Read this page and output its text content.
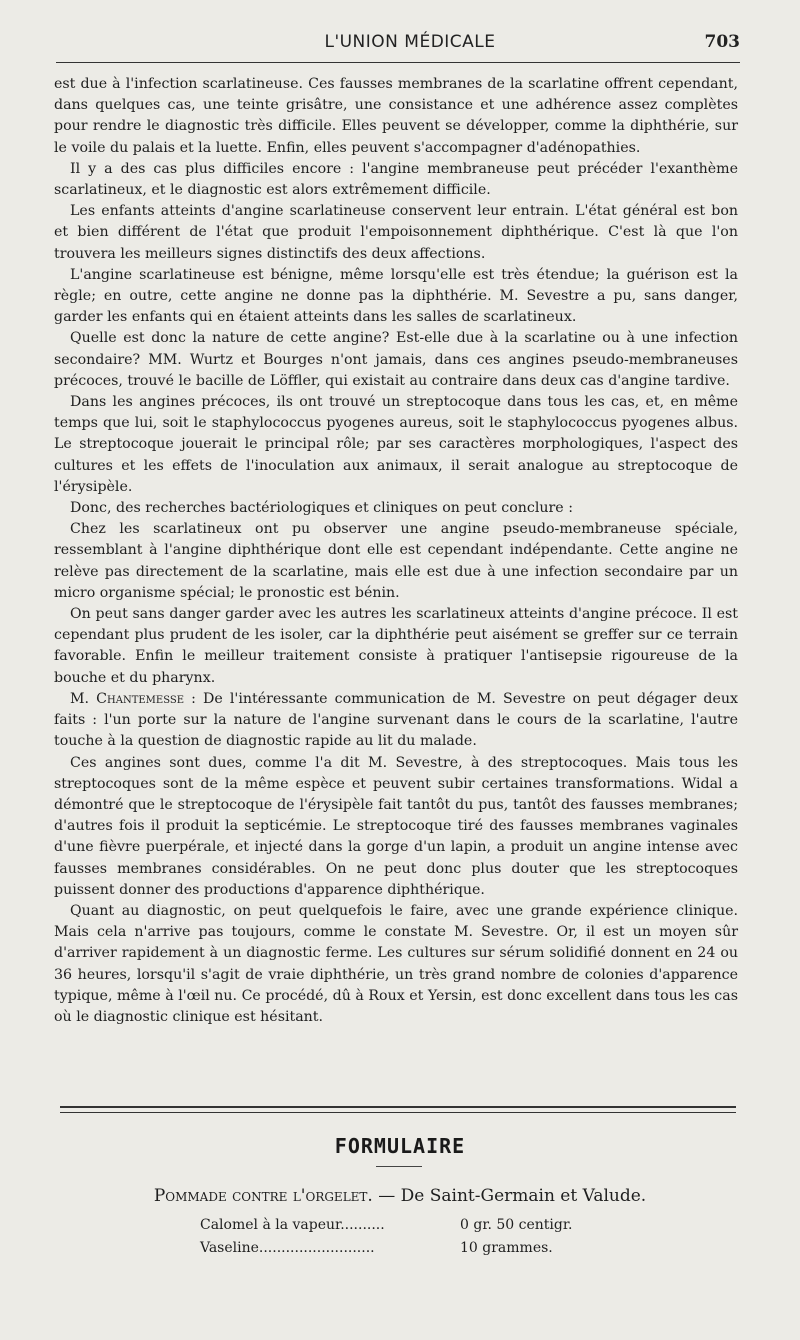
L'UNION MÉDICALE	703

est due à l'infection scarlatineuse. Ces fausses membranes de la scarlatine offrent cependant, dans quelques cas, une teinte grisâtre, une consistance et une adhérence assez complètes pour rendre le diagnostic très difficile. Elles peuvent se développer, comme la diphthérie, sur le voile du palais et la luette. Enfin, elles peuvent s'accompagner d'adénopathies.

Il y a des cas plus difficiles encore : l'angine membraneuse peut précéder l'exanthème scarlatineux, et le diagnostic est alors extrêmement difficile.

Les enfants atteints d'angine scarlatineuse conservent leur entrain. L'état général est bon et bien différent de l'état que produit l'empoisonnement diphthérique. C'est là que l'on trouvera les meilleurs signes distinctifs des deux affections.

L'angine scarlatineuse est bénigne, même lorsqu'elle est très étendue; la guérison est la règle; en outre, cette angine ne donne pas la diphthérie. M. Sevestre a pu, sans danger, garder les enfants qui en étaient atteints dans les salles de scarlatineux.

Quelle est donc la nature de cette angine? Est-elle due à la scarlatine ou à une infection secondaire? MM. Wurtz et Bourges n'ont jamais, dans ces angines pseudo-membraneuses précoces, trouvé le bacille de Löffler, qui existait au contraire dans deux cas d'angine tardive.

Dans les angines précoces, ils ont trouvé un streptocoque dans tous les cas, et, en même temps que lui, soit le staphylococcus pyogenes aureus, soit le staphylococcus pyogenes albus. Le streptocoque jouerait le principal rôle; par ses caractères morphologiques, l'aspect des cultures et les effets de l'inoculation aux animaux, il serait analogue au streptocoque de l'érysipèle.

Donc, des recherches bactériologiques et cliniques on peut conclure :

Chez les scarlatineux ont pu observer une angine pseudo-membraneuse spéciale, ressemblant à l'angine diphthérique dont elle est cependant indépendante. Cette angine ne relève pas directement de la scarlatine, mais elle est due à une infection secondaire par un micro organisme spécial; le pronostic est bénin.

On peut sans danger garder avec les autres les scarlatineux atteints d'angine précoce. Il est cependant plus prudent de les isoler, car la diphthérie peut aisément se greffer sur ce terrain favorable. Enfin le meilleur traitement consiste à pratiquer l'antisepsie rigoureuse de la bouche et du pharynx.

M. Chantemesse : De l'intéressante communication de M. Sevestre on peut dégager deux faits : l'un porte sur la nature de l'angine survenant dans le cours de la scarlatine, l'autre touche à la question de diagnostic rapide au lit du malade.

Ces angines sont dues, comme l'a dit M. Sevestre, à des streptocoques. Mais tous les streptocoques sont de la même espèce et peuvent subir certaines transformations. Widal a démontré que le streptocoque de l'érysipèle fait tantôt du pus, tantôt des fausses membranes; d'autres fois il produit la septicémie. Le streptocoque tiré des fausses membranes vaginales d'une fièvre puerpérale, et injecté dans la gorge d'un lapin, a produit un angine intense avec fausses membranes considérables. On ne peut donc plus douter que les streptocoques puissent donner des productions d'apparence diphthérique.

Quant au diagnostic, on peut quelquefois le faire, avec une grande expérience clinique. Mais cela n'arrive pas toujours, comme le constate M. Sevestre. Or, il est un moyen sûr d'arriver rapidement à un diagnostic ferme. Les cultures sur sérum solidifié donnent en 24 ou 36 heures, lorsqu'il s'agit de vraie diphthérie, un très grand nombre de colonies d'apparence typique, même à l'œil nu. Ce procédé, dû à Roux et Yersin, est donc excellent dans tous les cas où le diagnostic clinique est hésitant.

FORMULAIRE
Pommade contre l'orgelet. — De Saint-Germain et Valude.
Calomel à la vapeur..........	0 gr. 50 centigr.
Vaseline..........................	10 grammes.
